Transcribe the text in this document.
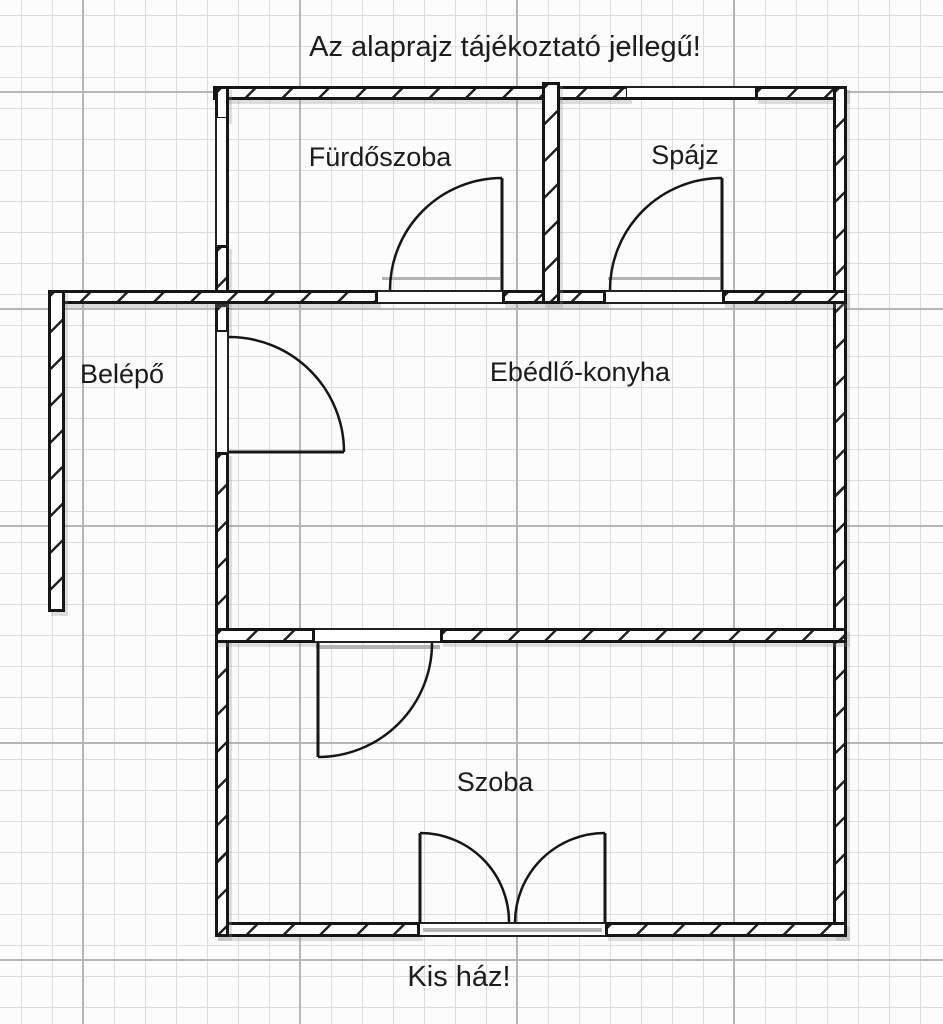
Az alaprajz tájékoztató jellegű!
Kis ház!
Fürdőszoba	Spájz
Belépő	Ebédlő-konyha
Szoba
